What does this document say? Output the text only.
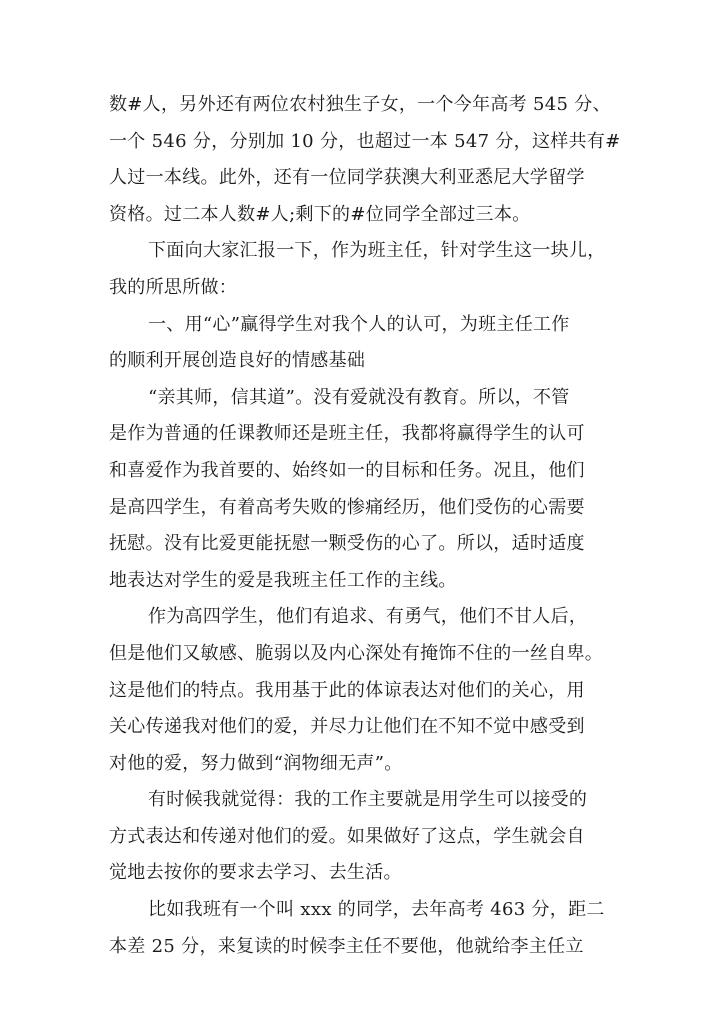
数#人，另外还有两位农村独生子女，一个今年高考 545 分、
一个 546 分，分别加 10 分，也超过一本 547 分，这样共有#
人过一本线。此外，还有一位同学获澳大利亚悉尼大学留学
资格。过二本人数#人;剩下的#位同学全部过三本。
下面向大家汇报一下，作为班主任，针对学生这一块儿，
我的所思所做：
一、用“心”赢得学生对我个人的认可，为班主任工作
的顺利开展创造良好的情感基础
“亲其师，信其道”。没有爱就没有教育。所以，不管
是作为普通的任课教师还是班主任，我都将赢得学生的认可
和喜爱作为我首要的、始终如一的目标和任务。况且，他们
是高四学生，有着高考失败的惨痛经历，他们受伤的心需要
抚慰。没有比爱更能抚慰一颗受伤的心了。所以，适时适度
地表达对学生的爱是我班主任工作的主线。
作为高四学生，他们有追求、有勇气，他们不甘人后，
但是他们又敏感、脆弱以及内心深处有掩饰不住的一丝自卑。
这是他们的特点。我用基于此的体谅表达对他们的关心，用
关心传递我对他们的爱，并尽力让他们在不知不觉中感受到
对他的爱，努力做到“润物细无声”。
有时候我就觉得：我的工作主要就是用学生可以接受的
方式表达和传递对他们的爱。如果做好了这点，学生就会自
觉地去按你的要求去学习、去生活。
比如我班有一个叫 xxx 的同学，去年高考 463 分，距二
本差 25 分，来复读的时候李主任不要他，他就给李主任立
